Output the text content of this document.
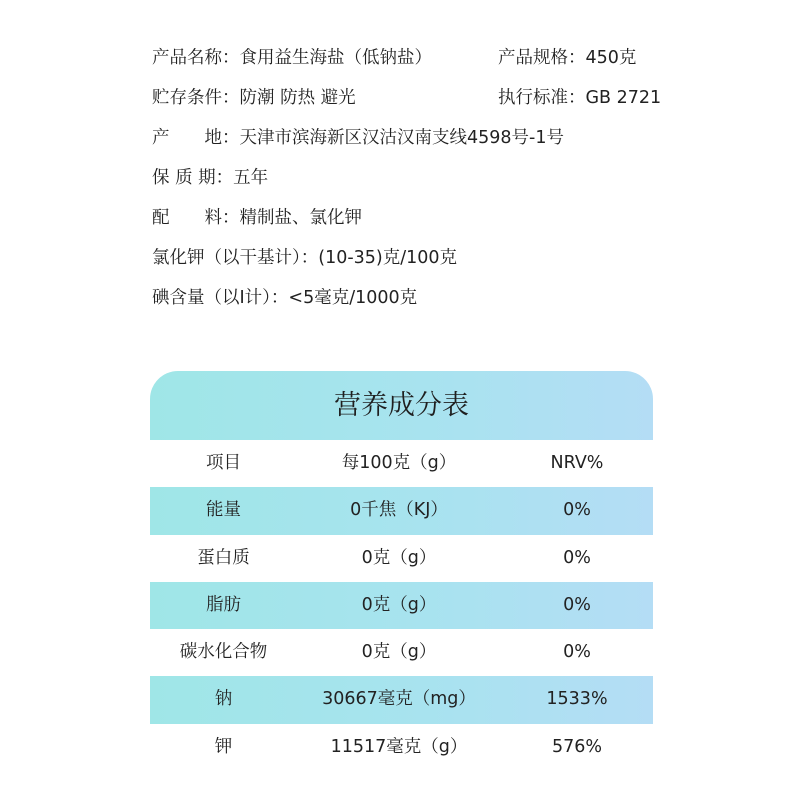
产品名称：食用益生海盐（低钠盐）	产品规格：450克
贮存条件：防潮 防热 避光	执行标准：GB 2721
产　　地：天津市滨海新区汉沽汉南支线4598号-1号
保 质 期：五年
配　　料：精制盐、氯化钾
氯化钾（以干基计）：(10-35)克/100克
碘含量（以I计）：<5毫克/1000克
营养成分表
项目	每100克（g）	NRV%
能量	0千焦（KJ）	0%
蛋白质	0克（g）	0%
脂肪	0克（g）	0%
碳水化合物	0克（g）	0%
钠	30667毫克（mg）	1533%
钾	11517毫克（g）	576%
